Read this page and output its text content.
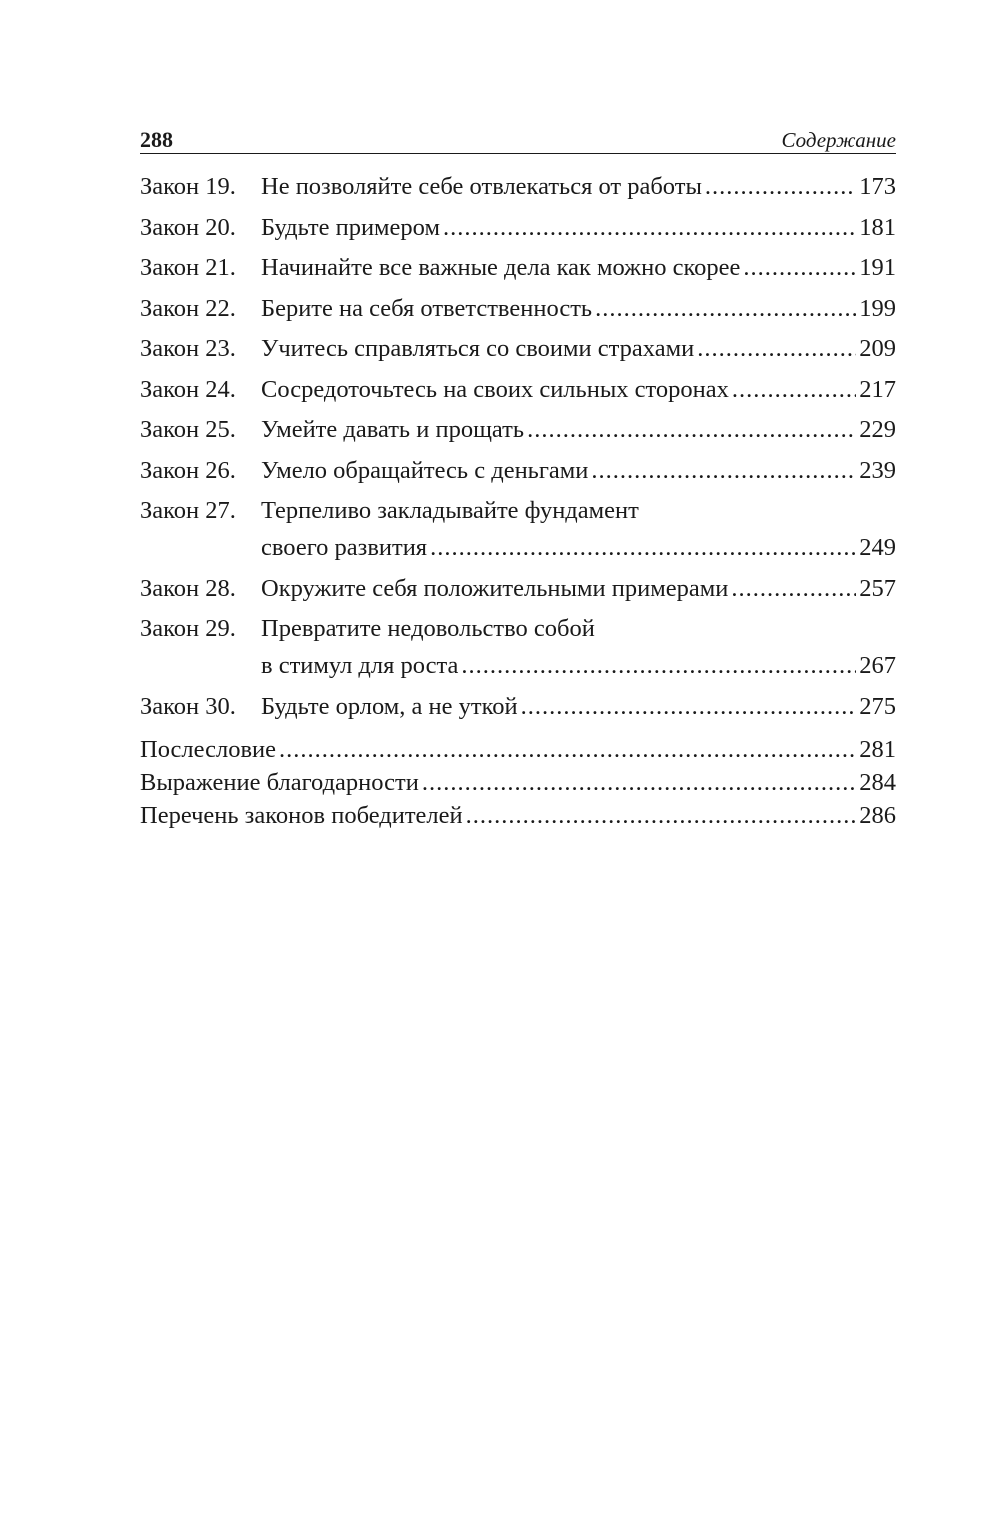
288	Содержание
Закон 19.	Не позволяйте себе отвлекаться от работы .....	173
Закон 20.	Будьте примером .....	181
Закон 21.	Начинайте все важные дела как можно скорее .....	191
Закон 22.	Берите на себя ответственность .....	199
Закон 23.	Учитесь справляться со своими страхами .....	209
Закон 24.	Сосредоточьтесь на своих сильных сторонах .....	217
Закон 25.	Умейте давать и прощать .....	229
Закон 26.	Умело обращайтесь с деньгами .....	239
Закон 27.	Терпеливо закладывайте фундамент
своего развития .....	249
Закон 28.	Окружите себя положительными примерами .....	257
Закон 29.	Превратите недовольство собой
в стимул для роста .....	267
Закон 30.	Будьте орлом, а не уткой .....	275
Послесловие .....	281
Выражение благодарности .....	284
Перечень законов победителей .....	286
